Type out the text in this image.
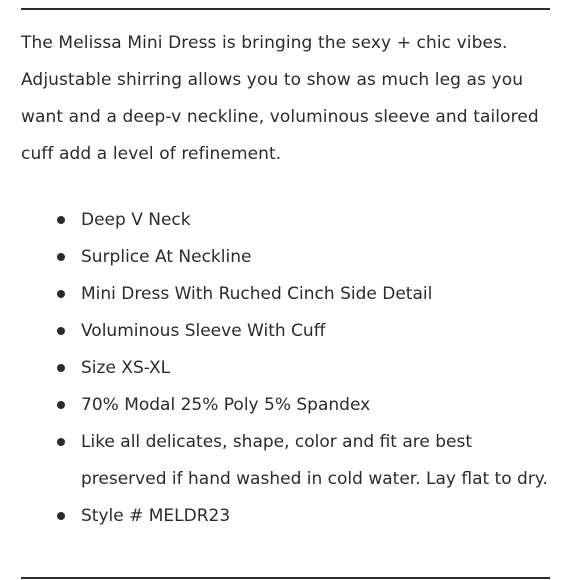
The Melissa Mini Dress is bringing the sexy + chic vibes. Adjustable shirring allows you to show as much leg as you want and a deep-v neckline, voluminous sleeve and tailored cuff add a level of refinement.

Deep V Neck
Surplice At Neckline
Mini Dress With Ruched Cinch Side Detail
Voluminous Sleeve With Cuff
Size XS-XL
70% Modal 25% Poly 5% Spandex
Like all delicates, shape, color and fit are best preserved if hand washed in cold water. Lay flat to dry.
Style # MELDR23
